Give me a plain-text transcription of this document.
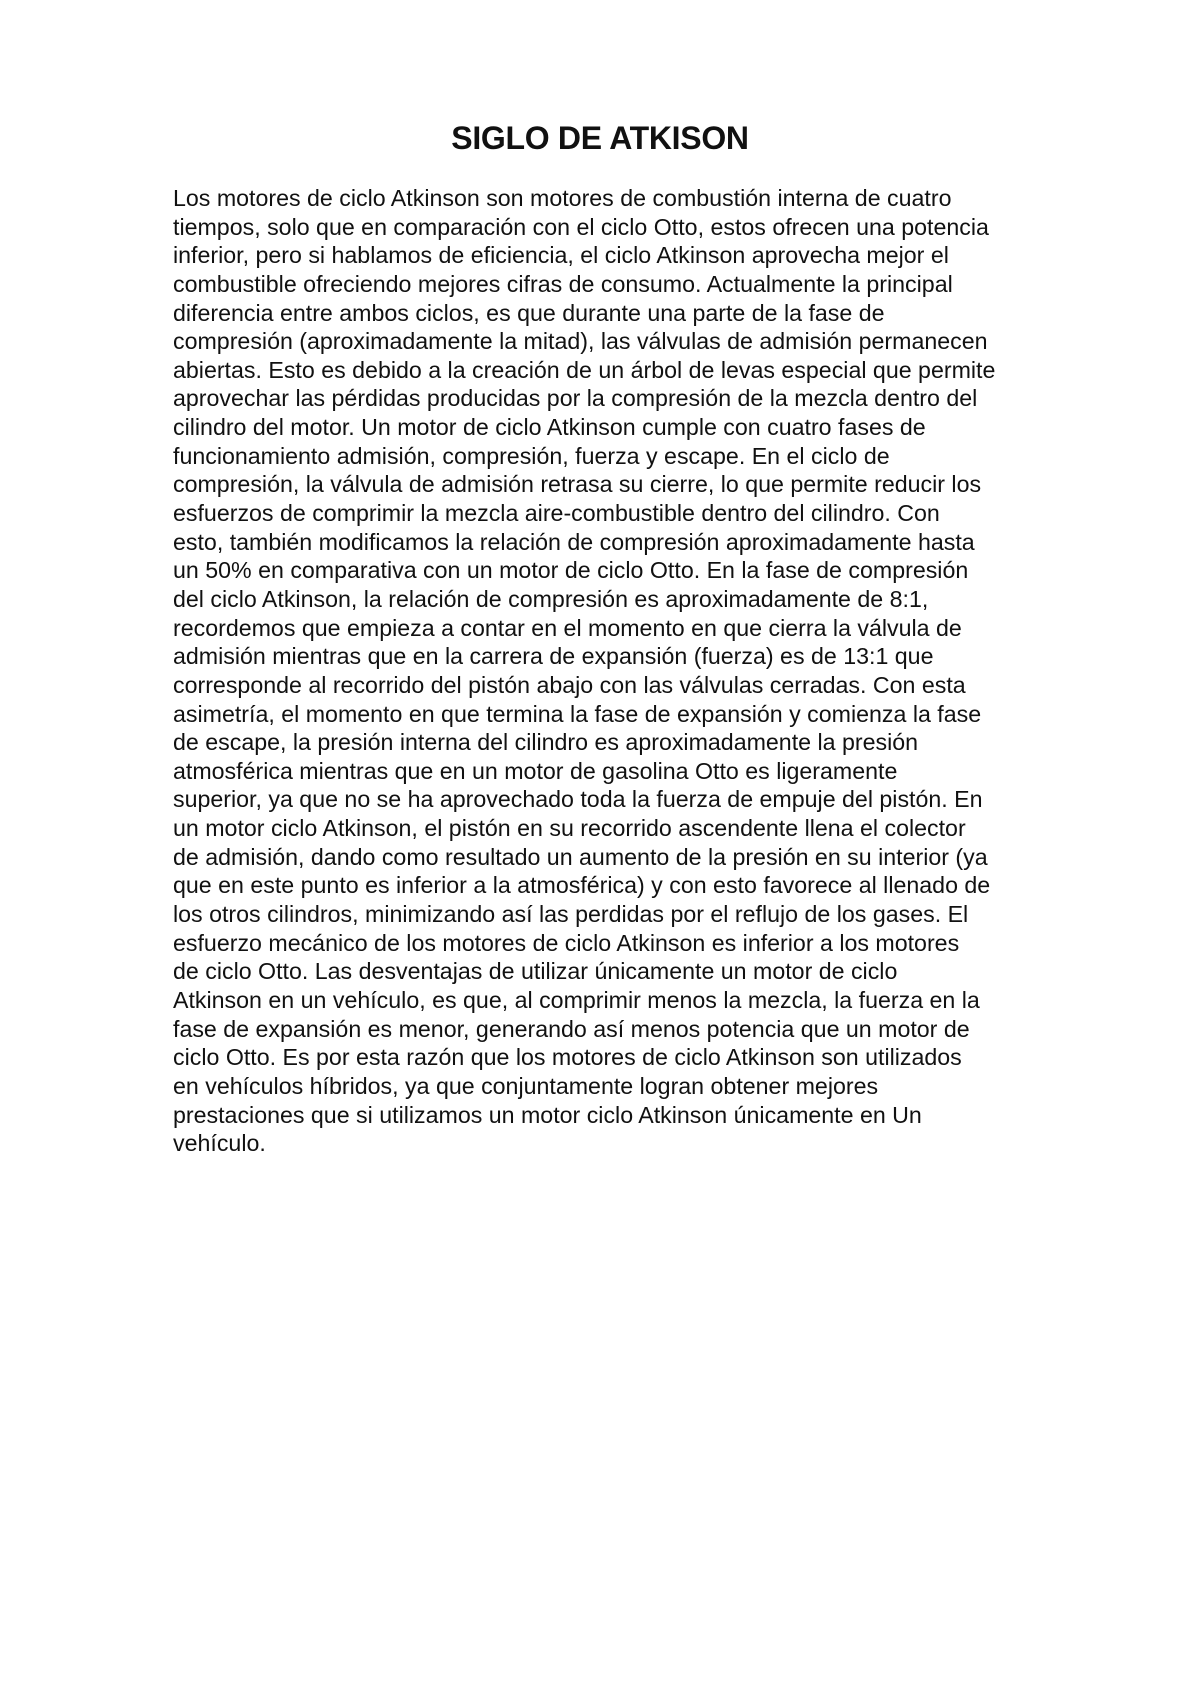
SIGLO DE ATKISON
Los motores de ciclo Atkinson son motores de combustión interna de cuatro
tiempos, solo que en comparación con el ciclo Otto, estos ofrecen una potencia
inferior, pero si hablamos de eficiencia, el ciclo Atkinson aprovecha mejor el
combustible ofreciendo mejores cifras de consumo. Actualmente la principal
diferencia entre ambos ciclos, es que durante una parte de la fase de
compresión (aproximadamente la mitad), las válvulas de admisión permanecen
abiertas. Esto es debido a la creación de un árbol de levas especial que permite
aprovechar las pérdidas producidas por la compresión de la mezcla dentro del
cilindro del motor. Un motor de ciclo Atkinson cumple con cuatro fases de
funcionamiento admisión, compresión, fuerza y escape. En el ciclo de
compresión, la válvula de admisión retrasa su cierre, lo que permite reducir los
esfuerzos de comprimir la mezcla aire-combustible dentro del cilindro. Con
esto, también modificamos la relación de compresión aproximadamente hasta
un 50% en comparativa con un motor de ciclo Otto. En la fase de compresión
del ciclo Atkinson, la relación de compresión es aproximadamente de 8:1,
recordemos que empieza a contar en el momento en que cierra la válvula de
admisión mientras que en la carrera de expansión (fuerza) es de 13:1 que
corresponde al recorrido del pistón abajo con las válvulas cerradas. Con esta
asimetría, el momento en que termina la fase de expansión y comienza la fase
de escape, la presión interna del cilindro es aproximadamente la presión
atmosférica mientras que en un motor de gasolina Otto es ligeramente
superior, ya que no se ha aprovechado toda la fuerza de empuje del pistón. En
un motor ciclo Atkinson, el pistón en su recorrido ascendente llena el colector
de admisión, dando como resultado un aumento de la presión en su interior (ya
que en este punto es inferior a la atmosférica) y con esto favorece al llenado de
los otros cilindros, minimizando así las perdidas por el reflujo de los gases. El
esfuerzo mecánico de los motores de ciclo Atkinson es inferior a los motores
de ciclo Otto. Las desventajas de utilizar únicamente un motor de ciclo
Atkinson en un vehículo, es que, al comprimir menos la mezcla, la fuerza en la
fase de expansión es menor, generando así menos potencia que un motor de
ciclo Otto. Es por esta razón que los motores de ciclo Atkinson son utilizados
en vehículos híbridos, ya que conjuntamente logran obtener mejores
prestaciones que si utilizamos un motor ciclo Atkinson únicamente en Un
vehículo.
